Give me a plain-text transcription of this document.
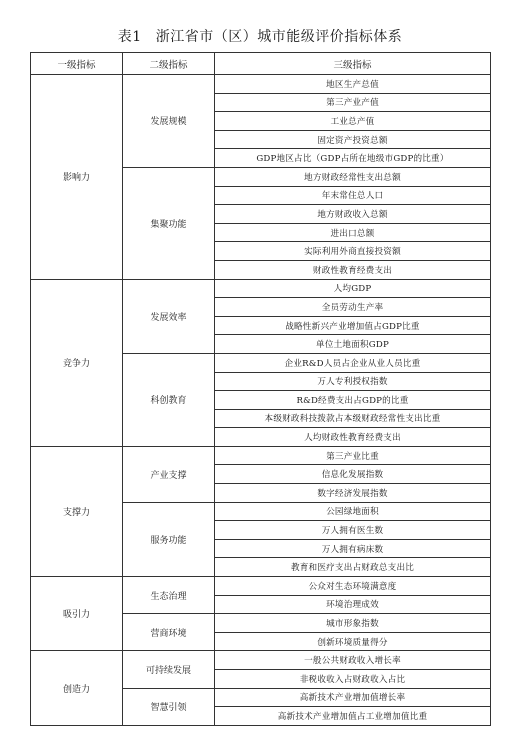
表1 浙江省市（区）城市能级评价指标体系
一级指标	二级指标	三级指标
影响力	发展规模	地区生产总值
		第三产业产值
		工业总产值
		固定资产投资总额
		GDP地区占比（GDP占所在地级市GDP的比重）
	集聚功能	地方财政经常性支出总额
		年末常住总人口
		地方财政收入总额
		进出口总额
		实际利用外商直接投资额
		财政性教育经费支出
竞争力	发展效率	人均GDP
		全员劳动生产率
		战略性新兴产业增加值占GDP比重
		单位土地面积GDP
	科创教育	企业R&D人员占企业从业人员比重
		万人专利授权指数
		R&D经费支出占GDP的比重
		本级财政科技拨款占本级财政经常性支出比重
		人均财政性教育经费支出
支撑力	产业支撑	第三产业比重
		信息化发展指数
		数字经济发展指数
	服务功能	公园绿地面积
		万人拥有医生数
		万人拥有病床数
		教育和医疗支出占财政总支出比
吸引力	生态治理	公众对生态环境满意度
		环境治理成效
	营商环境	城市形象指数
		创新环境质量得分
创造力	可持续发展	一般公共财政收入增长率
		非税收收入占财政收入占比
	智慧引领	高新技术产业增加值增长率
		高新技术产业增加值占工业增加值比重
